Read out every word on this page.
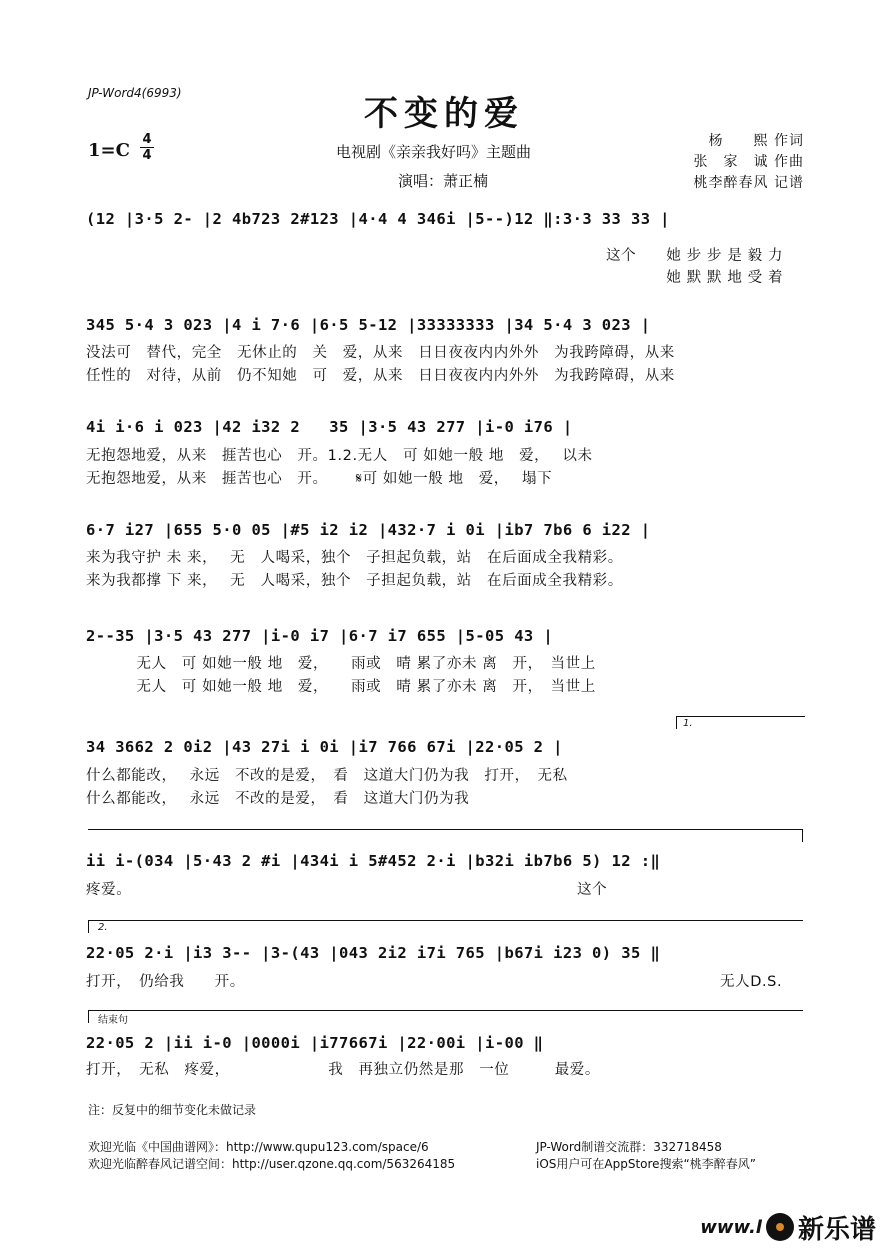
JP-Word4(6993)
不变的爱
电视剧《亲亲我好吗》主题曲
演唱：萧正楠
$1=C \frac{4}{4}$	杨　　熙 作词
张　家　诚 作曲
桃李醉春风 记谱
(12 |3·5 2- |2 4b723 2#123 |4·4 4 346i |5--)12 ‖:3·3 33 33 |
这个　　她 步 步 是 毅 力
　　　　她 默 默 地 受 着
345 5·4 3 023 |4 i 7·6 |6·5 5-12 |33333333 |34 5·4 3 023 |
没法可　替代，完全　无休止的　关　爱，从来　日日夜夜内内外外　为我跨障碍，从来
任性的　对待，从前　仍不知她　可　爱，从来　日日夜夜内内外外　为我跨障碍，从来
4i i·6 i 023 |42 i32 2   35 |3·5 43 277 |i-0 i76 |
无抱怨地爱，从来　捱苦也心　开。1.2.无人　可 如她一般 地　爱，　 以未
无抱怨地爱，从来　捱苦也心　开。　　 𝄋可 如她一般 地　爱，　 塌下
6·7 i27 |655 5·0 05 |#5 i2 i2 |432·7 i 0i |ib7 7b6 6 i22 |
来为我守护 未 来，　 无　人喝采，独个　子担起负载，站　在后面成全我精彩。
来为我都撑 下 来，　 无　人喝采，独个　子担起负载，站　在后面成全我精彩。
2--35 |3·5 43 277 |i-0 i7 |6·7 i7 655 |5-05 43 |
　　　 无人　可 如她一般 地　爱，　　雨或　晴 累了亦未 离　开，　当世上
　　　 无人　可 如她一般 地　爱，　　雨或　晴 累了亦未 离　开，　当世上
1.
34 3662 2 0i2 |43 27i i 0i |i7 766 67i |22·05 2 |
什么都能改，　 永远　不改的是爱，　看　这道大门仍为我　打开，　无私
什么都能改，　 永远　不改的是爱，　看　这道大门仍为我
ii i-(034 |5·43 2 #i |434i i 5#452 2·i |b32i ib7b6 5) 12 :‖
疼爱。　　　　　　　　　　　　　　　　　　　　　　　　　　　　　　这个
2.
22·05 2·i |i3 3-- |3-(43 |043 2i2 i7i 765 |b67i i23 0) 35 ‖
打开，　仍给我　　开。	无人D.S.
结束句
22·05 2 |ii i-0 |0000i |i77667i |22·00i |i-00 ‖
打开，　无私　疼爱，　　　　　　　我　再独立仍然是那　一位　　　最爱。
注：反复中的细节变化未做记录
欢迎光临《中国曲谱网》：http://www.qupu123.com/space/6
欢迎光临醉春风记谱空间：http://user.qzone.qq.com/563264185
JP-Word制谱交流群：332718458
iOS用户可在AppStore搜索“桃李醉春风”
www.l 新乐谱
